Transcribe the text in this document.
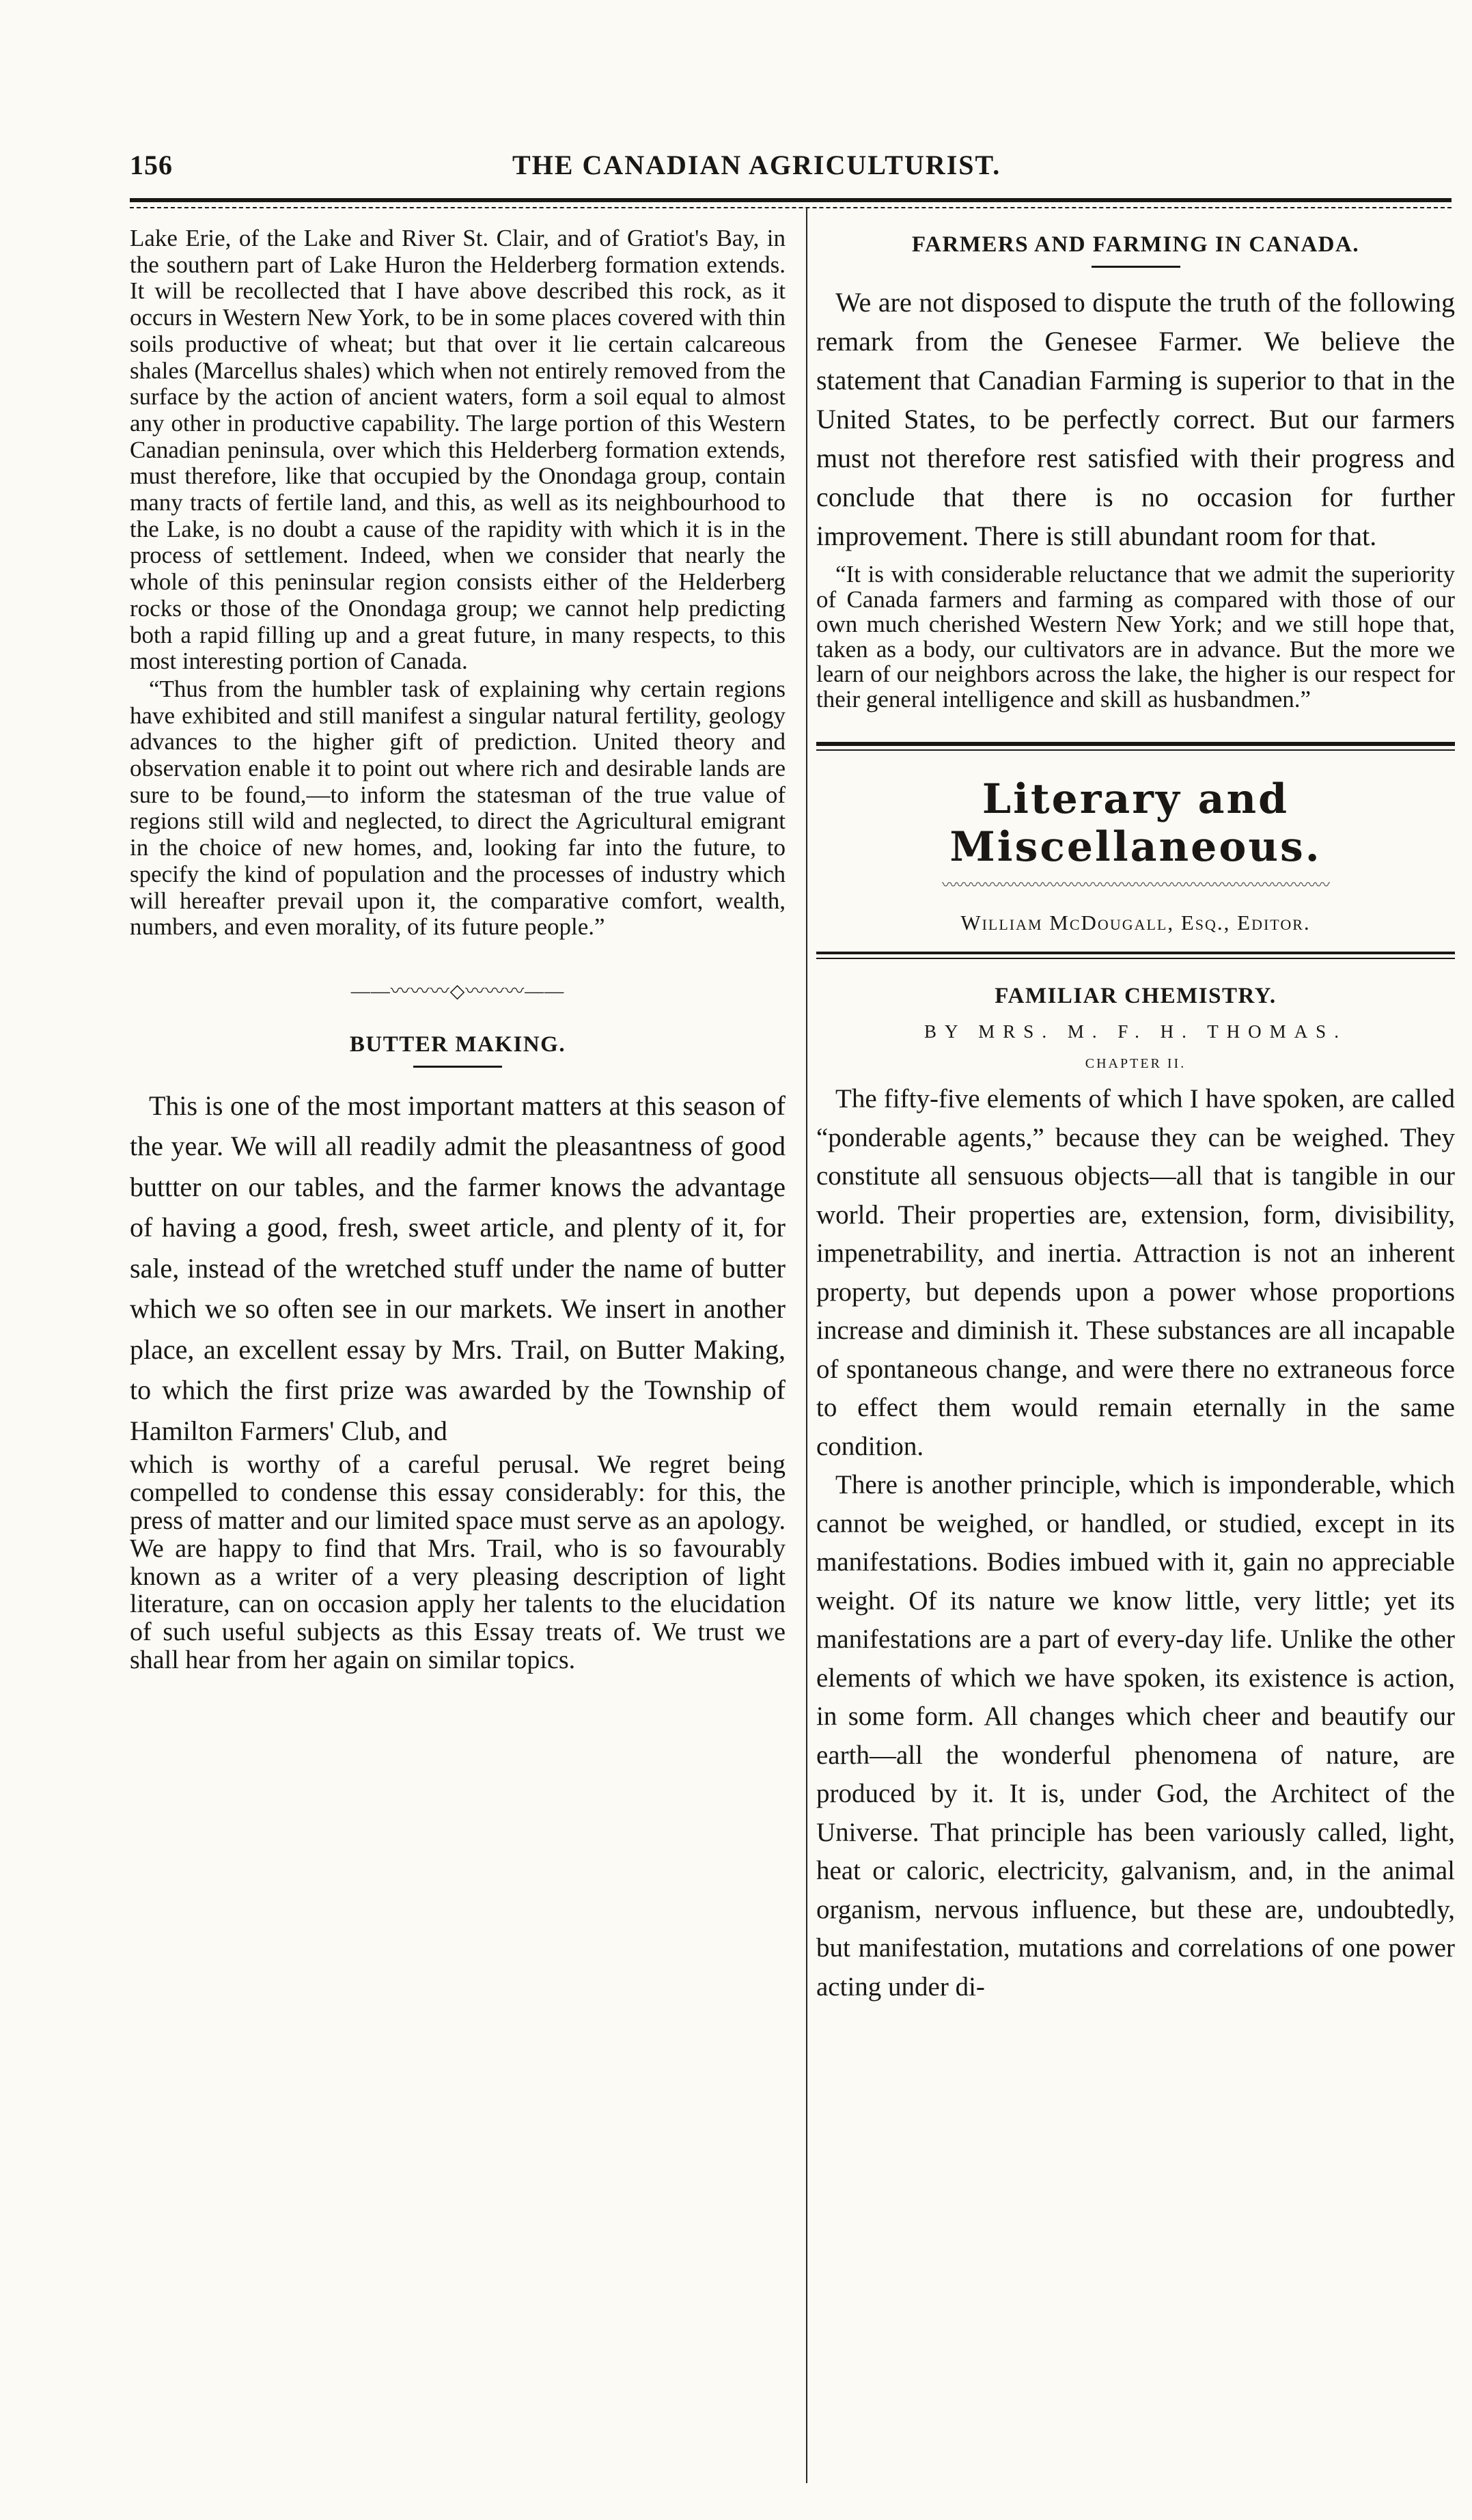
156	THE CANADIAN AGRICULTURIST.

Lake Erie, of the Lake and River St. Clair, and of Gratiot's Bay, in the southern part of Lake Huron the Helderberg formation extends. It will be recollected that I have above described this rock, as it occurs in Western New York, to be in some places covered with thin soils productive of wheat; but that over it lie certain calcareous shales (Marcellus shales) which when not entirely removed from the surface by the action of ancient waters, form a soil equal to almost any other in productive capability. The large portion of this Western Canadian peninsula, over which this Helderberg formation extends, must therefore, like that occupied by the Onondaga group, contain many tracts of fertile land, and this, as well as its neighbourhood to the Lake, is no doubt a cause of the rapidity with which it is in the process of settlement. Indeed, when we consider that nearly the whole of this peninsular region consists either of the Helderberg rocks or those of the Onondaga group; we cannot help predicting both a rapid filling up and a great future, in many respects, to this most interesting portion of Canada.

“Thus from the humbler task of explaining why certain regions have exhibited and still manifest a singular natural fertility, geology advances to the higher gift of prediction. United theory and observation enable it to point out where rich and desirable lands are sure to be found,—to inform the statesman of the true value of regions still wild and neglected, to direct the Agricultural emigrant in the choice of new homes, and, looking far into the future, to specify the kind of population and the processes of industry which will hereafter prevail upon it, the comparative comfort, wealth, numbers, and even morality, of its future people.”

——〰〰〰◇〰〰〰——
BUTTER MAKING.

This is one of the most important matters at this season of the year. We will all readily admit the pleasantness of good buttter on our tables, and the farmer knows the advantage of having a good, fresh, sweet article, and plenty of it, for sale, instead of the wretched stuff under the name of butter which we so often see in our markets. We insert in another place, an excellent essay by Mrs. Trail, on Butter Making, to which the first prize was awarded by the Township of Hamilton Farmers' Club, and

which is worthy of a careful perusal. We regret being compelled to condense this essay considerably: for this, the press of matter and our limited space must serve as an apology. We are happy to find that Mrs. Trail, who is so favourably known as a writer of a very pleasing description of light literature, can on occasion apply her talents to the elucidation of such useful subjects as this Essay treats of. We trust we shall hear from her again on similar topics.

FARMERS AND FARMING IN CANADA.

We are not disposed to dispute the truth of the following remark from the Genesee Farmer. We believe the statement that Canadian Farming is superior to that in the United States, to be perfectly correct. But our farmers must not therefore rest satisfied with their progress and conclude that there is no occasion for further improvement. There is still abundant room for that.

“It is with considerable reluctance that we admit the superiority of Canada farmers and farming as compared with those of our own much cherished Western New York; and we still hope that, taken as a body, our cultivators are in advance. But the more we learn of our neighbors across the lake, the higher is our respect for their general intelligence and skill as husbandmen.”

Literary and Miscellaneous.
〰〰〰〰〰〰〰〰〰〰〰〰〰〰〰〰〰〰〰〰〰〰〰〰〰〰〰
William McDougall, Esq., Editor.
FAMILIAR CHEMISTRY.
BY MRS. M. F. H. THOMAS.
CHAPTER II.

The fifty-five elements of which I have spoken, are called “ponderable agents,” because they can be weighed. They constitute all sensuous objects—all that is tangible in our world. Their properties are, extension, form, divisibility, impenetrability, and inertia. Attraction is not an inherent property, but depends upon a power whose proportions increase and diminish it. These substances are all incapable of spontaneous change, and were there no extraneous force to effect them would remain eternally in the same condition.

There is another principle, which is imponderable, which cannot be weighed, or handled, or studied, except in its manifestations. Bodies imbued with it, gain no appreciable weight. Of its nature we know little, very little; yet its manifestations are a part of every-day life. Unlike the other elements of which we have spoken, its existence is action, in some form. All changes which cheer and beautify our earth—all the wonderful phenomena of nature, are produced by it. It is, under God, the Architect of the Universe. That principle has been variously called, light, heat or caloric, electricity, galvanism, and, in the animal organism, nervous influence, but these are, undoubtedly, but manifestation, mutations and correlations of one power acting under di-
